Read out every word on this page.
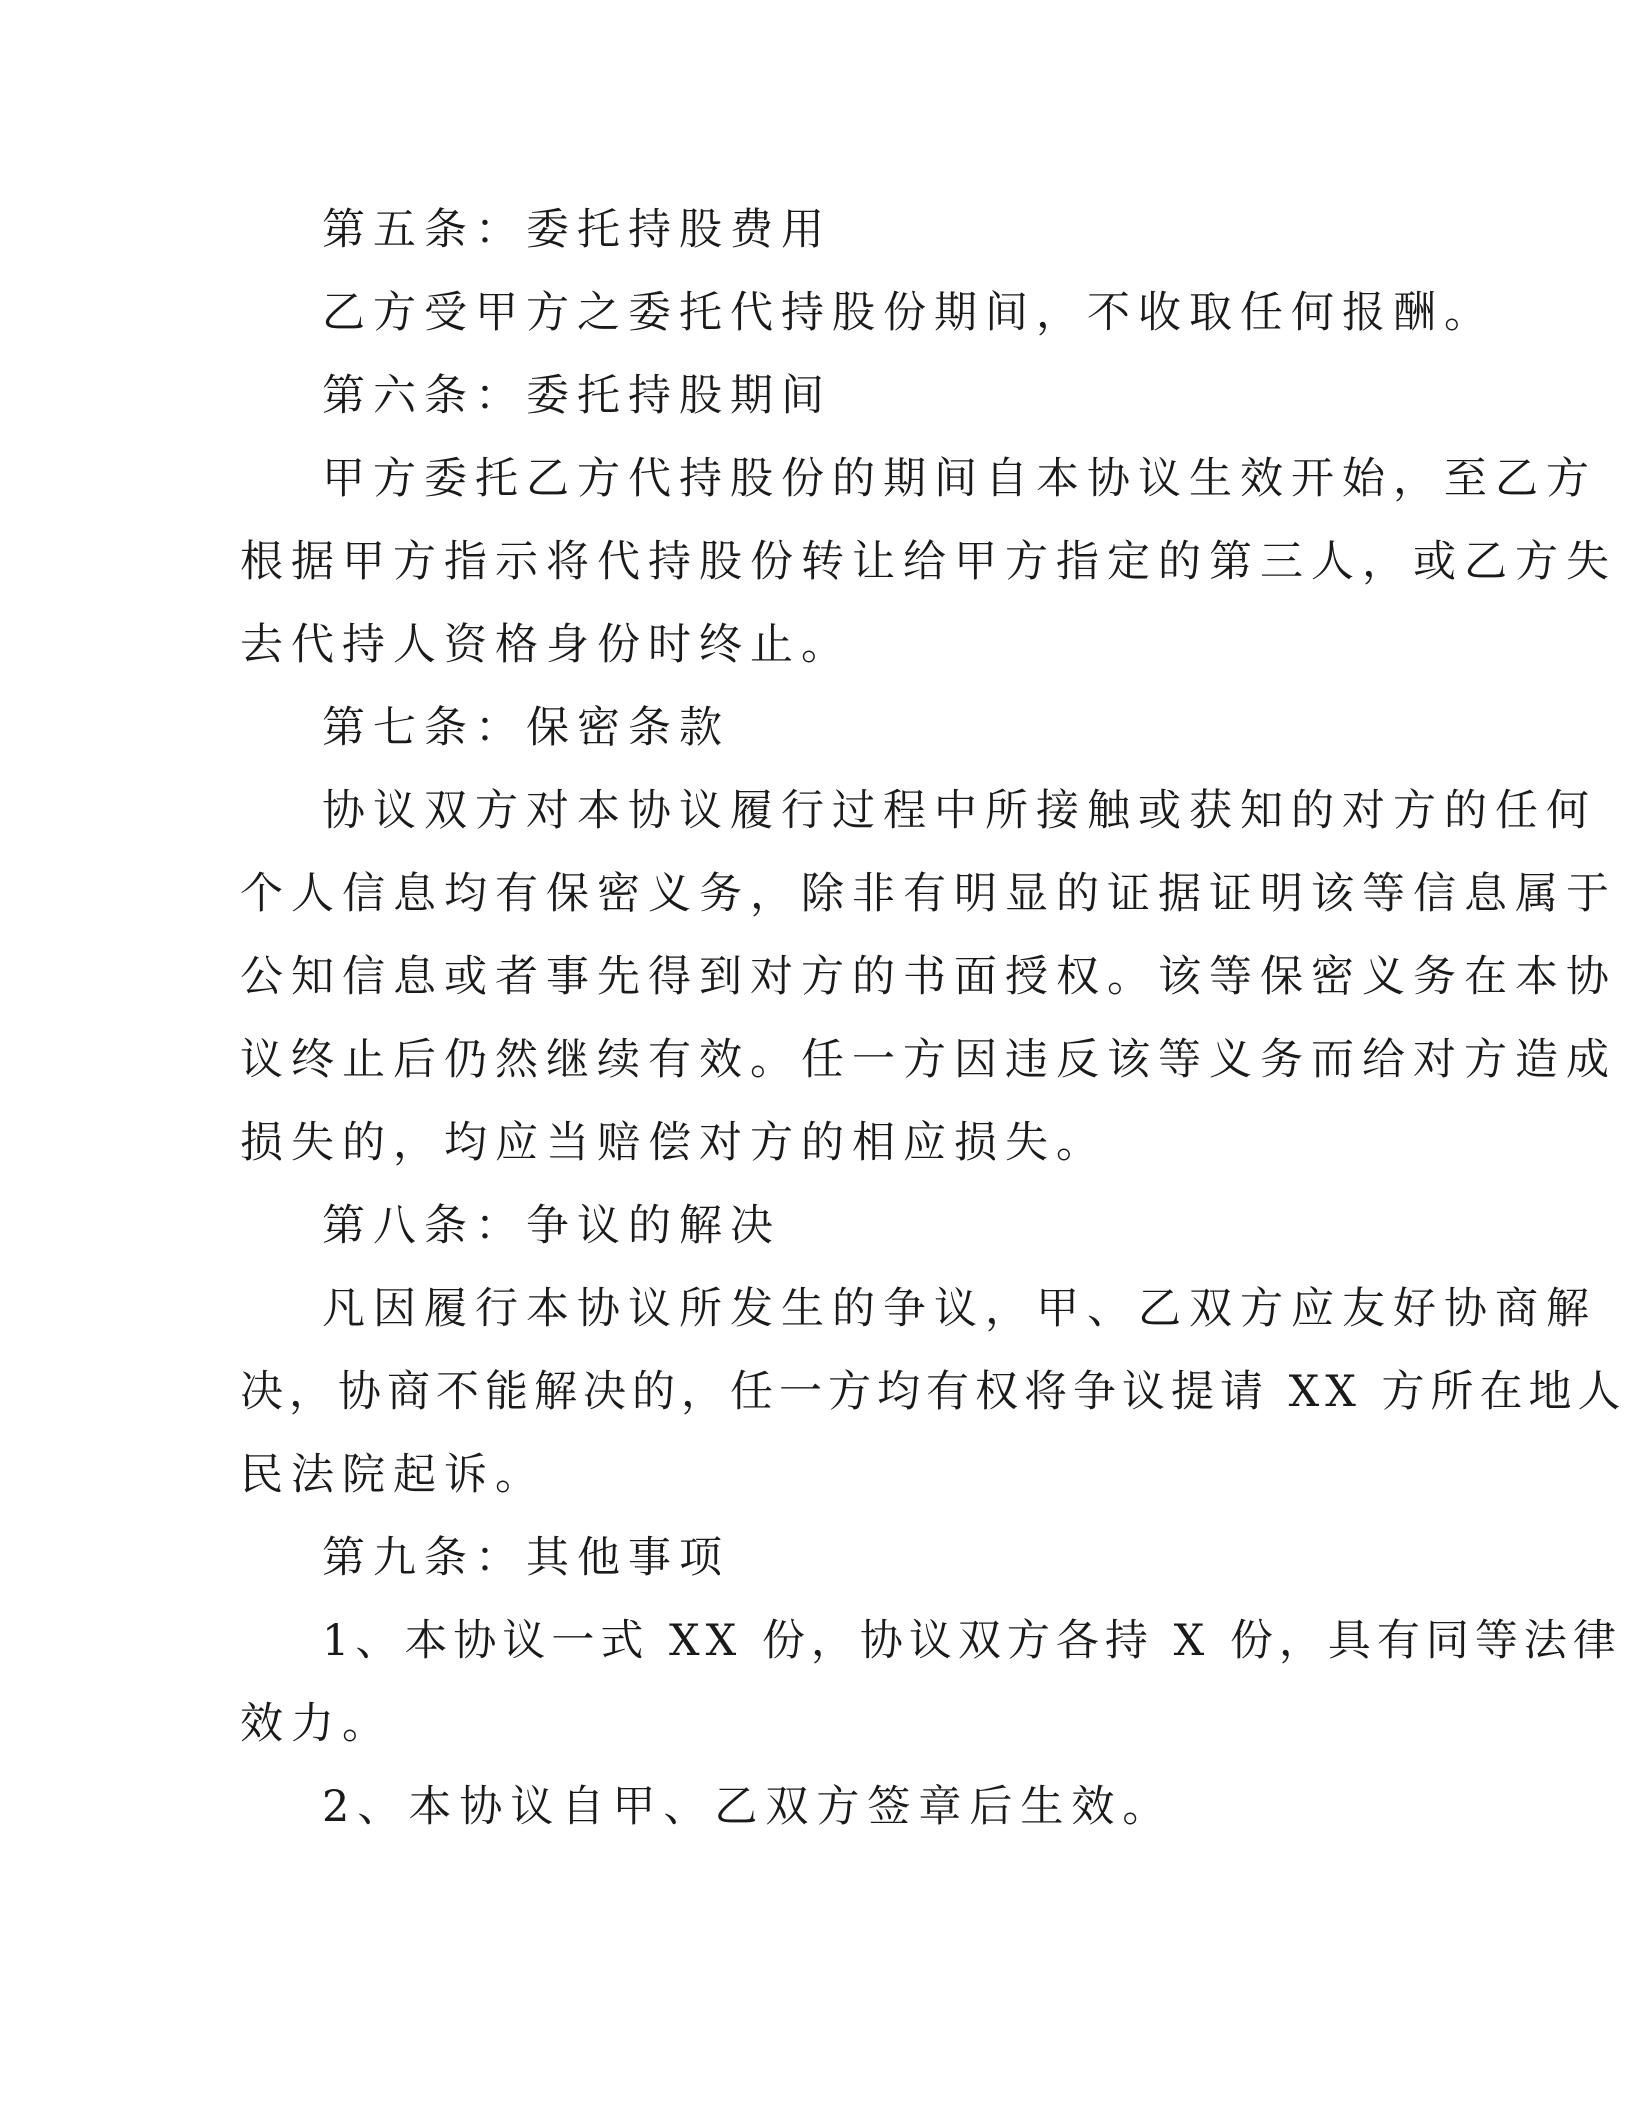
第五条：委托持股费用
乙方受甲方之委托代持股份期间，不收取任何报酬。
第六条：委托持股期间
甲方委托乙方代持股份的期间自本协议生效开始，至乙方
根据甲方指示将代持股份转让给甲方指定的第三人，或乙方失
去代持人资格身份时终止。
第七条：保密条款
协议双方对本协议履行过程中所接触或获知的对方的任何
个人信息均有保密义务，除非有明显的证据证明该等信息属于
公知信息或者事先得到对方的书面授权。该等保密义务在本协
议终止后仍然继续有效。任一方因违反该等义务而给对方造成
损失的，均应当赔偿对方的相应损失。
第八条：争议的解决
凡因履行本协议所发生的争议，甲、乙双方应友好协商解
决，协商不能解决的，任一方均有权将争议提请 XX 方所在地人
民法院起诉。
第九条：其他事项
1、本协议一式 XX 份，协议双方各持 X 份，具有同等法律
效力。
2、本协议自甲、乙双方签章后生效。
